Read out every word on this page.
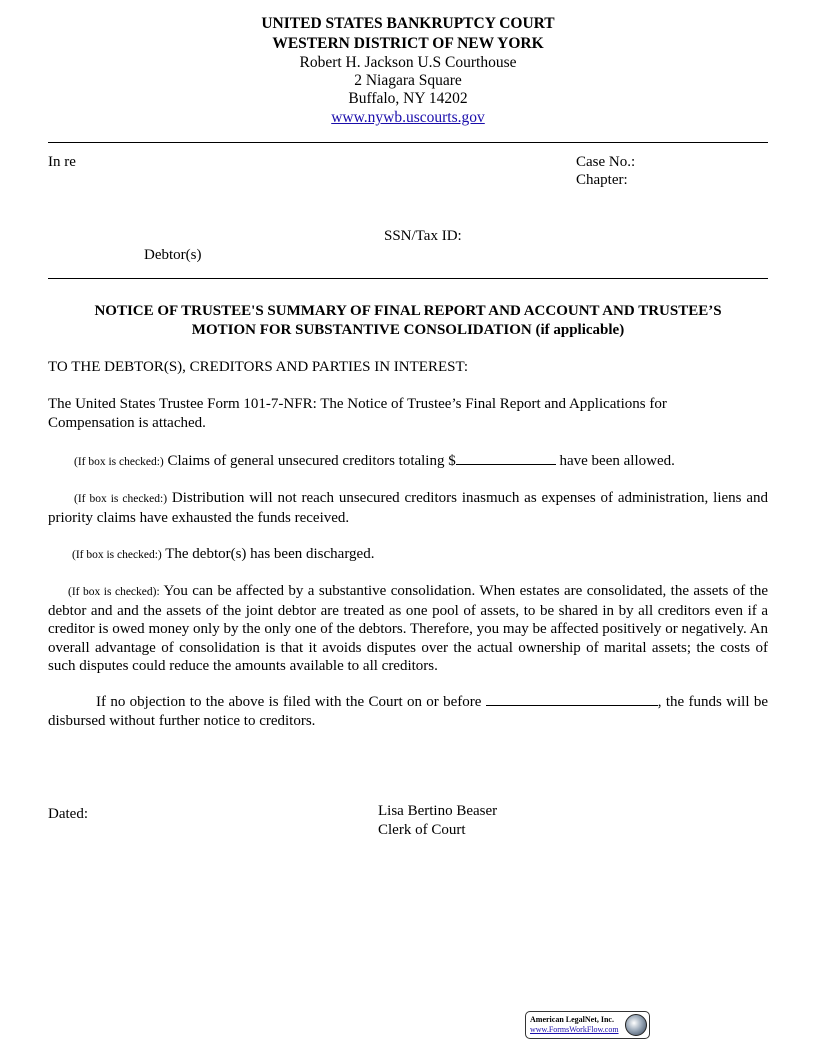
UNITED STATES BANKRUPTCY COURT
WESTERN DISTRICT OF NEW YORK
Robert H. Jackson U.S Courthouse
2 Niagara Square
Buffalo, NY 14202
www.nywb.uscourts.gov
In re	Case No.:
Chapter:
SSN/Tax ID:
Debtor(s)
NOTICE OF TRUSTEE'S SUMMARY OF FINAL REPORT AND ACCOUNT AND TRUSTEE’S
MOTION FOR SUBSTANTIVE CONSOLIDATION (if applicable)
TO THE DEBTOR(S), CREDITORS AND PARTIES IN INTEREST:
The United States Trustee Form 101-7-NFR: The Notice of Trustee’s Final Report and Applications for Compensation is attached.
(If box is checked:) Claims of general unsecured creditors totaling $	have been allowed.
(If box is checked:) Distribution will not reach unsecured creditors inasmuch as expenses of administration, liens and priority claims have exhausted the funds received.
(If box is checked:) The debtor(s) has been discharged.
(If box is checked): You can be affected by a substantive consolidation. When estates are consolidated, the assets of the debtor and and the assets of the joint debtor are treated as one pool of assets, to be shared in by all creditors even if a creditor is owed money only by the only one of the debtors. Therefore, you may be affected positively or negatively. An overall advantage of consolidation is that it avoids disputes over the actual ownership of marital assets; the costs of such disputes could reduce the amounts available to all creditors.
If no objection to the above is filed with the Court on or before	, the funds will be disbursed without further notice to creditors.
Dated:	Lisa Bertino Beaser
Clerk of Court
American LegalNet, Inc.
www.FormsWorkFlow.com
